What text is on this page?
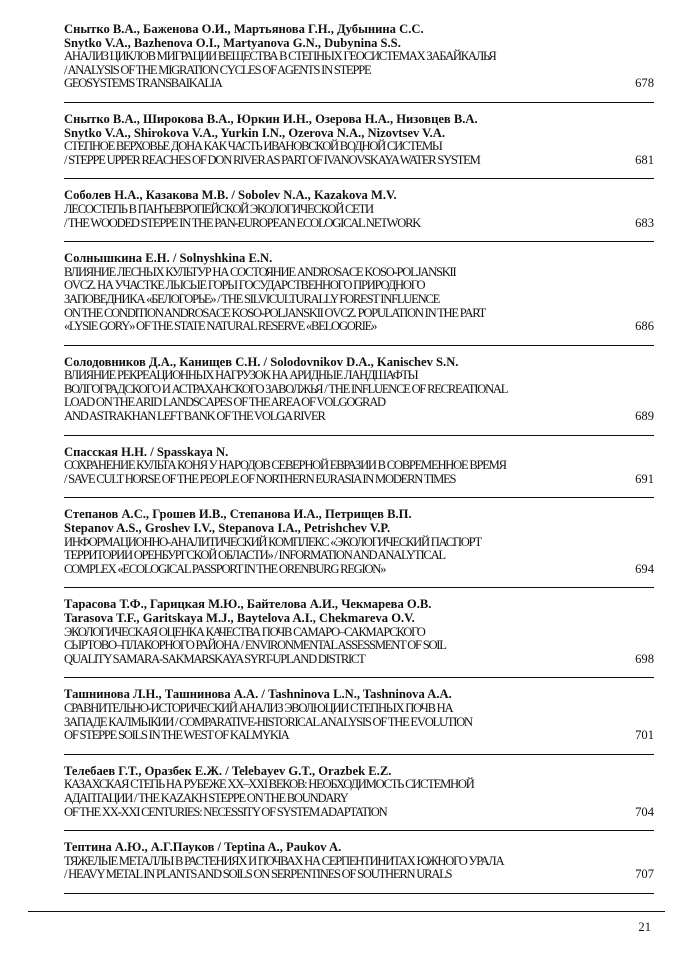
Снытко В.А., Баженова О.И., Мартьянова Г.Н., Дубынина С.С.
Snytko V.A., Bazhenova O.I., Martyanova G.N., Dubynina S.S.
АНАЛИЗ ЦИКЛОВ МИГРАЦИИ ВЕЩЕСТВА В СТЕПНЫХ ГЕОСИСТЕМАХ ЗАБАЙКАЛЬЯ
/ ANALYSIS OF THE MIGRATION CYCLES OF AGENTS IN STEPPE
GEOSYSTEMS TRANSBAIKALIA	678
Снытко В.А., Широкова В.А., Юркин И.Н., Озерова Н.А., Низовцев В.А.
Snytko V.A., Shirokova V.A., Yurkin I.N., Ozerova N.A., Nizovtsev V.A.
СТЕПНОЕ ВЕРХОВЬЕ ДОНА КАК ЧАСТЬ ИВАНОВСКОЙ ВОДНОЙ СИСТЕМЫ
/ STEPPE UPPER REACHES OF DON RIVER AS PART OF IVANOVSKAYA WATER SYSTEM	681
Соболев Н.А., Казакова М.В. / Sobolev N.A., Kazakova M.V.
ЛЕСОСТЕПЬ В ПАНЪЕВРОПЕЙСКОЙ ЭКОЛОГИЧЕСКОЙ СЕТИ
/ THE WOODED STEPPE IN THE PAN-EUROPEAN ECOLOGICAL NETWORK	683
Солнышкина Е.Н. / Solnyshkina E.N.
ВЛИЯНИЕ ЛЕСНЫХ КУЛЬТУР НА СОСТОЯНИЕ ANDROSACE KOSO-POLJANSKII
OVCZ. НА УЧАСТКЕ ЛЫСЫЕ ГОРЫ ГОСУДАРСТВЕННОГО ПРИРОДНОГО
ЗАПОВЕДНИКА «БЕЛОГОРЬЕ» / THE SILVICULTURALLY FOREST INFLUENCE
ON THE CONDITION ANDROSACE KOSO-POLJANSKII OVCZ. POPULATION IN THE PART
«LYSIE GORY» OF THE STATE NATURAL RESERVE «BELOGORIE»	686
Солодовников Д.А., Канищев С.Н. / Solodovnikov D.A., Kanischev S.N.
ВЛИЯНИЕ РЕКРЕАЦИОННЫХ НАГРУЗОК НА АРИДНЫЕ ЛАНДШАФТЫ
ВОЛГОГРАДСКОГО И АСТРАХАНСКОГО ЗАВОЛЖЬЯ / THE INFLUENCE OF RECREATIONAL
LOAD ON THE ARID LANDSCAPES OF THE AREA OF VOLGOGRAD
AND ASTRAKHAN LEFT BANK OF THE VOLGA RIVER	689
Спасская Н.Н. / Spasskaya N.
СОХРАНЕНИЕ КУЛЬТА КОНЯ У НАРОДОВ СЕВЕРНОЙ ЕВРАЗИИ В СОВРЕМЕННОЕ ВРЕМЯ
/ SAVE CULT HORSE OF THE PEOPLE OF NORTHERN EURASIA IN MODERN TIMES	691
Степанов А.С., Грошев И.В., Степанова И.А., Петрищев В.П.
Stepanov A.S., Groshev I.V., Stepanova I.A., Petrishchev V.P.
ИНФОРМАЦИОННО-АНАЛИТИЧЕСКИЙ КОМПЛЕКС «ЭКОЛОГИЧЕСКИЙ ПАСПОРТ
ТЕРРИТОРИИ ОРЕНБУРГСКОЙ ОБЛАСТИ» / INFORMATION AND ANALYTICAL
COMPLEX «ECOLOGICAL PASSPORT IN THE ORENBURG REGION»	694
Тарасова Т.Ф., Гарицкая М.Ю., Байтелова А.И., Чекмарева О.В.
Tarasova T.F., Garitskaya M.J., Baytelova A.I., Chekmareva O.V.
ЭКОЛОГИЧЕСКАЯ ОЦЕНКА КАЧЕСТВА ПОЧВ САМАРО–САКМАРСКОГО
СЫРТОВО–ПЛАКОРНОГО РАЙОНА / ENVIRONMENTAL ASSESSMENT OF SOIL
QUALITY SAMARA-SAKMARSKAYA SYRT-UPLAND DISTRICT	698
Ташнинова Л.Н., Ташнинова А.А. / Tashninova L.N., Tashninova A.A.
СРАВНИТЕЛЬНО-ИСТОРИЧЕСКИЙ АНАЛИЗ ЭВОЛЮЦИИ СТЕПНЫХ ПОЧВ НА
ЗАПАДЕ КАЛМЫКИИ / COMPARATIVE-HISTORICAL ANALYSIS OF THE EVOLUTION
OF STEPPE SOILS IN THE WEST OF KALMYKIA	701
Телебаев Г.Т., Оразбек Е.Ж. / Telebayev G.T., Orazbek E.Z.
КАЗАХСКАЯ СТЕПЬ НА РУБЕЖЕ XX–XXI ВЕКОВ: НЕОБХОДИМОСТЬ СИСТЕМНОЙ
АДАПТАЦИИ / THE KAZAKH STEPPE ON THE BOUNDARY
OF THE XX-XXI CENTURIES: NECESSITY OF SYSTEM ADAPTATION	704
Тептина А.Ю., А.Г.Пауков / Teptina A., Paukov A.
ТЯЖЕЛЫЕ МЕТАЛЛЫ В РАСТЕНИЯХ И ПОЧВАХ НА СЕРПЕНТИНИТАХ ЮЖНОГО УРАЛА
/ HEAVY METAL IN PLANTS AND SOILS ON SERPENTINES OF SOUTHERN URALS	707
21
